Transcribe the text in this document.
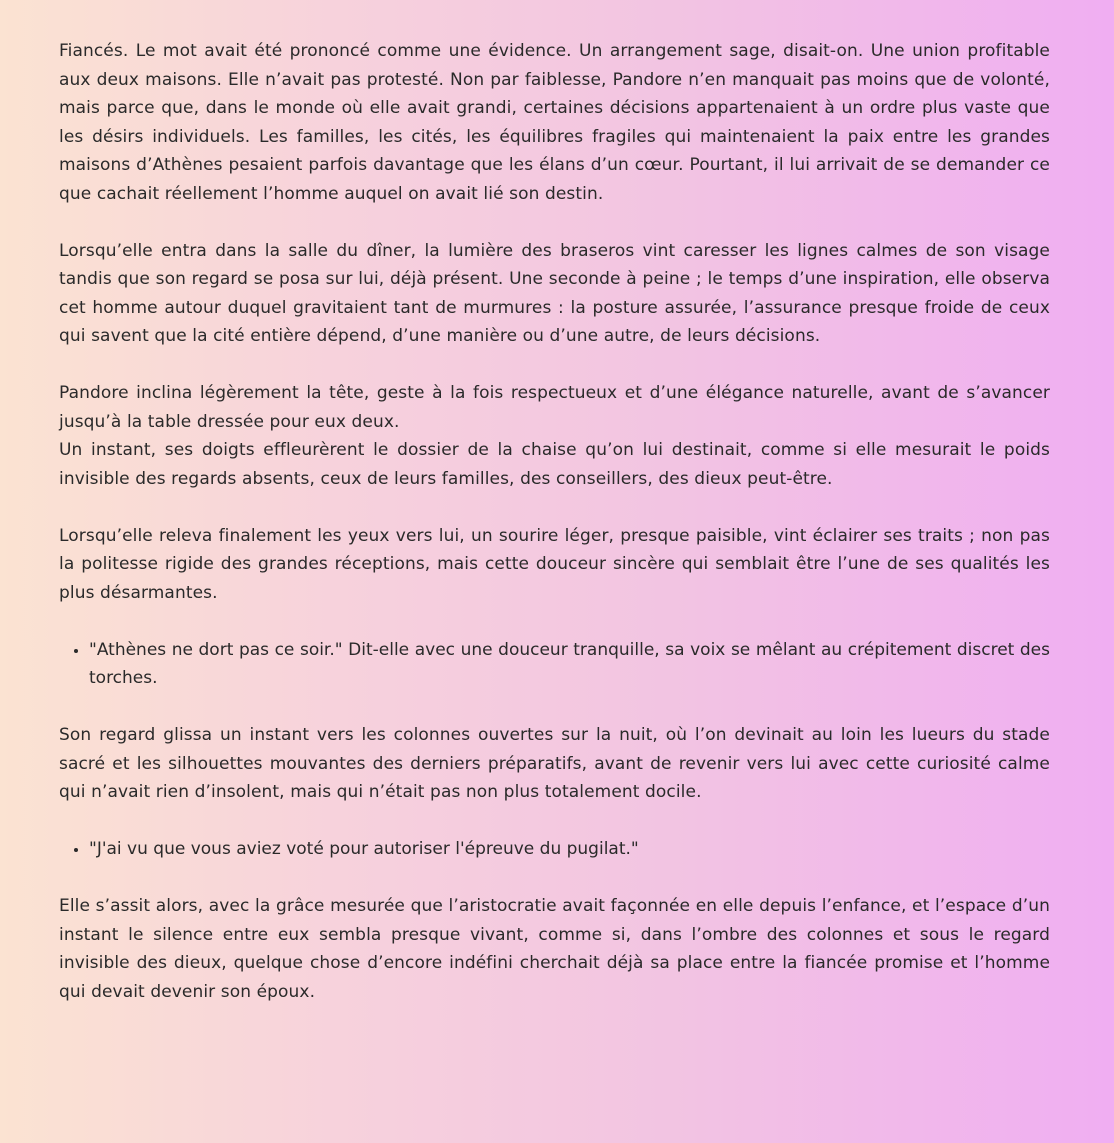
Fiancés. Le mot avait été prononcé comme une évidence. Un arrangement sage, disait-on. Une union profitable aux deux maisons. Elle n’avait pas protesté. Non par faiblesse, Pandore n’en manquait pas moins que de volonté, mais parce que, dans le monde où elle avait grandi, certaines décisions appartenaient à un ordre plus vaste que les désirs individuels. Les familles, les cités, les équilibres fragiles qui maintenaient la paix entre les grandes maisons d’Athènes pesaient parfois davantage que les élans d’un cœur. Pourtant, il lui arrivait de se demander ce que cachait réellement l’homme auquel on avait lié son destin.

Lorsqu’elle entra dans la salle du dîner, la lumière des braseros vint caresser les lignes calmes de son visage tandis que son regard se posa sur lui, déjà présent. Une seconde à peine ; le temps d’une inspiration, elle observa cet homme autour duquel gravitaient tant de murmures : la posture assurée, l’assurance presque froide de ceux qui savent que la cité entière dépend, d’une manière ou d’une autre, de leurs décisions.

Pandore inclina légèrement la tête, geste à la fois respectueux et d’une élégance naturelle, avant de s’avancer jusqu’à la table dressée pour eux deux.

Un instant, ses doigts effleurèrent le dossier de la chaise qu’on lui destinait, comme si elle mesurait le poids invisible des regards absents, ceux de leurs familles, des conseillers, des dieux peut-être.

Lorsqu’elle releva finalement les yeux vers lui, un sourire léger, presque paisible, vint éclairer ses traits ; non pas la politesse rigide des grandes réceptions, mais cette douceur sincère qui semblait être l’une de ses qualités les plus désarmantes.

• "Athènes ne dort pas ce soir." Dit-elle avec une douceur tranquille, sa voix se mêlant au crépitement discret des torches.

Son regard glissa un instant vers les colonnes ouvertes sur la nuit, où l’on devinait au loin les lueurs du stade sacré et les silhouettes mouvantes des derniers préparatifs, avant de revenir vers lui avec cette curiosité calme qui n’avait rien d’insolent, mais qui n’était pas non plus totalement docile.

• "J'ai vu que vous aviez voté pour autoriser l'épreuve du pugilat."

Elle s’assit alors, avec la grâce mesurée que l’aristocratie avait façonnée en elle depuis l’enfance, et l’espace d’un instant le silence entre eux sembla presque vivant, comme si, dans l’ombre des colonnes et sous le regard invisible des dieux, quelque chose d’encore indéfini cherchait déjà sa place entre la fiancée promise et l’homme qui devait devenir son époux.
